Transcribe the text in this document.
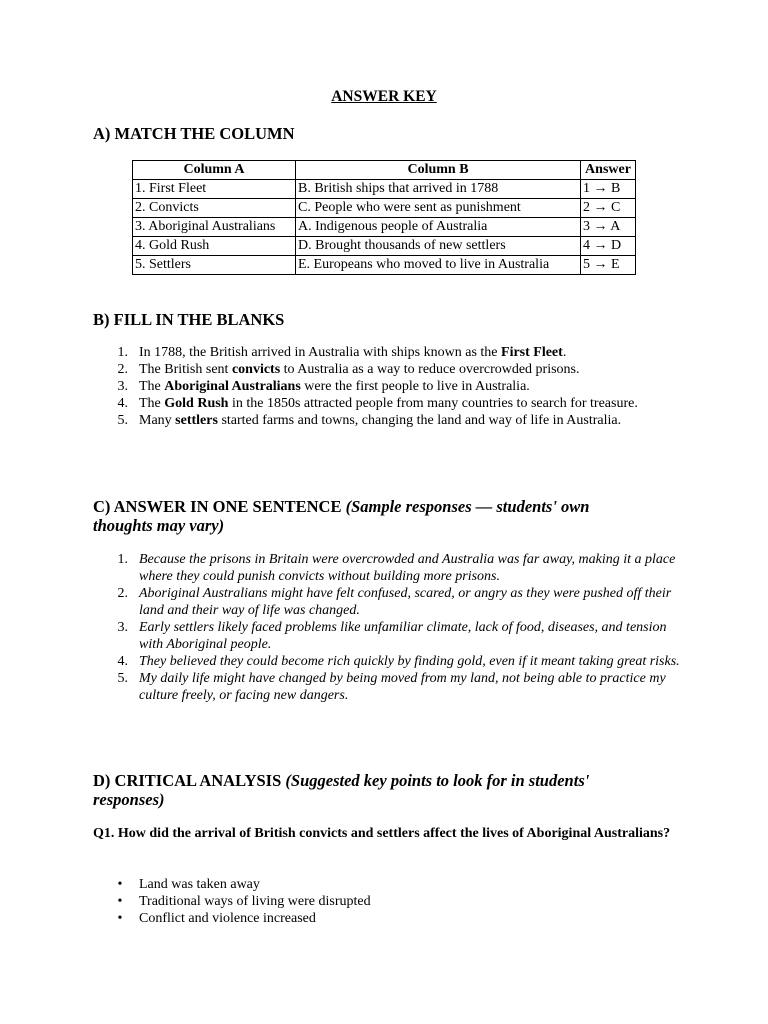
ANSWER KEY
A) MATCH THE COLUMN
Column A	Column B	Answer
1. First Fleet	B. British ships that arrived in 1788	1 → B
2. Convicts	C. People who were sent as punishment	2 → C
3. Aboriginal Australians	A. Indigenous people of Australia	3 → A
4. Gold Rush	D. Brought thousands of new settlers	4 → D
5. Settlers	E. Europeans who moved to live in Australia	5 → E
B) FILL IN THE BLANKS
1. In 1788, the British arrived in Australia with ships known as the First Fleet.
2. The British sent convicts to Australia as a way to reduce overcrowded prisons.
3. The Aboriginal Australians were the first people to live in Australia.
4. The Gold Rush in the 1850s attracted people from many countries to search for treasure.
5. Many settlers started farms and towns, changing the land and way of life in Australia.
C) ANSWER IN ONE SENTENCE (Sample responses — students' own thoughts may vary)
1. Because the prisons in Britain were overcrowded and Australia was far away, making it a place where they could punish convicts without building more prisons.
2. Aboriginal Australians might have felt confused, scared, or angry as they were pushed off their land and their way of life was changed.
3. Early settlers likely faced problems like unfamiliar climate, lack of food, diseases, and tension with Aboriginal people.
4. They believed they could become rich quickly by finding gold, even if it meant taking great risks.
5. My daily life might have changed by being moved from my land, not being able to practice my culture freely, or facing new dangers.
D) CRITICAL ANALYSIS (Suggested key points to look for in students' responses)

Q1. How did the arrival of British convicts and settlers affect the lives of Aboriginal Australians?

• Land was taken away
• Traditional ways of living were disrupted
• Conflict and violence increased
